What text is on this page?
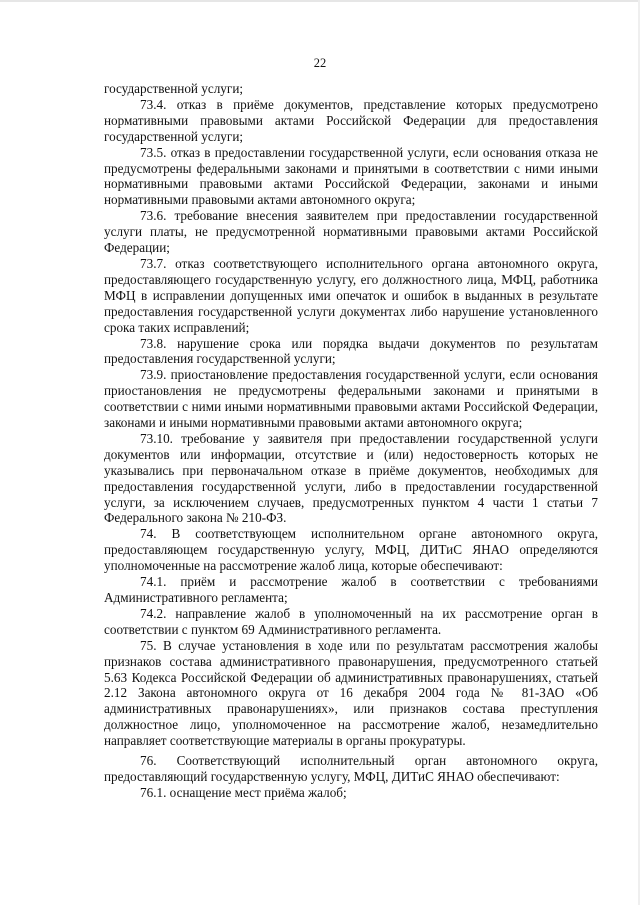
22

государственной услуги;

73.4. отказ в приёме документов, представление которых предусмотрено нормативными правовыми актами Российской Федерации для предоставления государственной услуги;

73.5. отказ в предоставлении государственной услуги, если основания отказа не предусмотрены федеральными законами и принятыми в соответствии с ними иными нормативными правовыми актами Российской Федерации, законами и иными нормативными правовыми актами автономного округа;

73.6. требование внесения заявителем при предоставлении государственной услуги платы, не предусмотренной нормативными правовыми актами Российской Федерации;

73.7. отказ соответствующего исполнительного органа автономного округа, предоставляющего государственную услугу, его должностного лица, МФЦ, работника МФЦ в исправлении допущенных ими опечаток и ошибок в выданных в результате предоставления государственной услуги документах либо нарушение установленного срока таких исправлений;

73.8. нарушение срока или порядка выдачи документов по результатам предоставления государственной услуги;

73.9. приостановление предоставления государственной услуги, если основания приостановления не предусмотрены федеральными законами и принятыми в соответствии с ними иными нормативными правовыми актами Российской Федерации, законами и иными нормативными правовыми актами автономного округа;

73.10. требование у заявителя при предоставлении государственной услуги документов или информации, отсутствие и (или) недостоверность которых не указывались при первоначальном отказе в приёме документов, необходимых для предоставления государственной услуги, либо в предоставлении государственной услуги, за исключением случаев, предусмотренных пунктом 4 части 1 статьи 7 Федерального закона № 210-ФЗ.

74. В соответствующем исполнительном органе автономного округа, предоставляющем государственную услугу, МФЦ, ДИТиС ЯНАО определяются уполномоченные на рассмотрение жалоб лица, которые обеспечивают:

74.1. приём и рассмотрение жалоб в соответствии с требованиями Административного регламента;

74.2. направление жалоб в уполномоченный на их рассмотрение орган в соответствии с пунктом 69 Административного регламента.

75. В случае установления в ходе или по результатам рассмотрения жалобы признаков состава административного правонарушения, предусмотренного статьей 5.63 Кодекса Российской Федерации об административных правонарушениях, статьей 2.12 Закона автономного округа от 16 декабря 2004 года № 81-ЗАО «Об административных правонарушениях», или признаков состава преступления должностное лицо, уполномоченное на рассмотрение жалоб, незамедлительно направляет соответствующие материалы в органы прокуратуры.

76. Соответствующий исполнительный орган автономного округа, предоставляющий государственную услугу, МФЦ, ДИТиС ЯНАО обеспечивают:

76.1. оснащение мест приёма жалоб;
